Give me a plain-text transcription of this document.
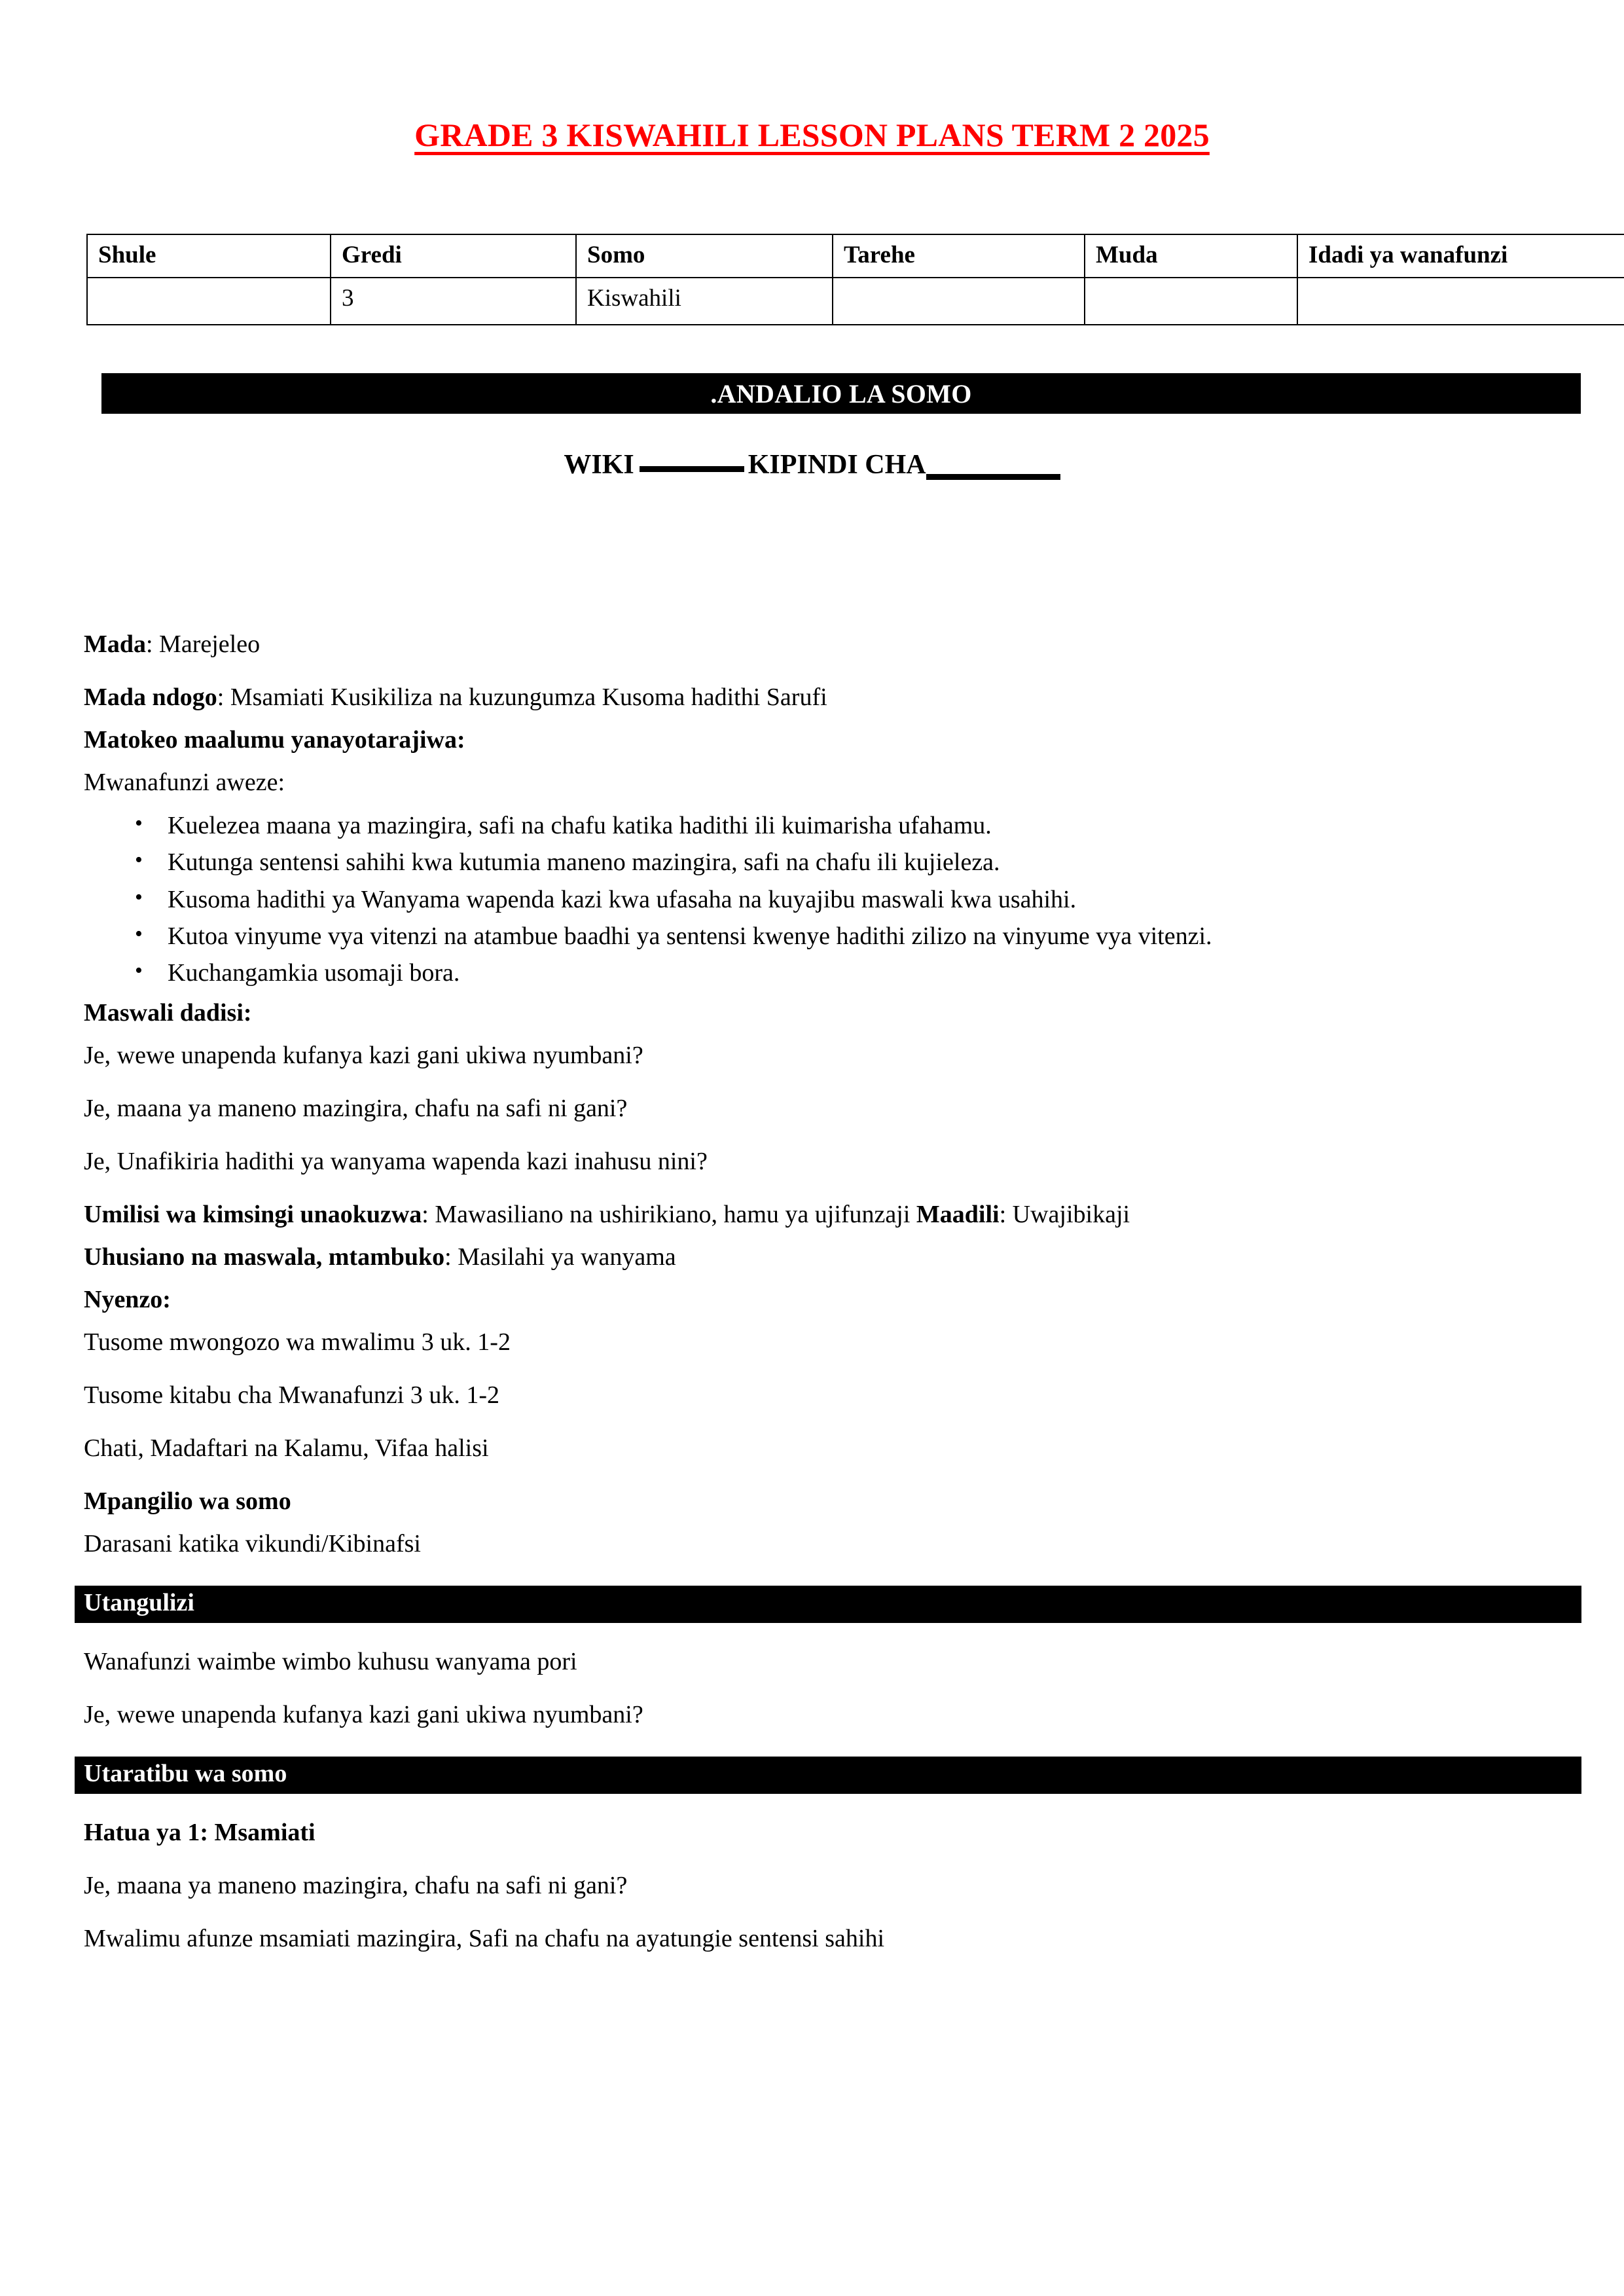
GRADE 3 KISWAHILI LESSON PLANS TERM 2 2025
Shule	Gredi	Somo	Tarehe	Muda	Idadi ya wanafunzi
	3	Kiswahili			
.ANDALIO LA SOMO
WIKI	KIPINDI CHA

Mada: Marejeleo

Mada ndogo: Msamiati Kusikiliza na kuzungumza Kusoma hadithi Sarufi

Matokeo maalumu yanayotarajiwa:

Mwanafunzi aweze:

• Kuelezea maana ya mazingira, safi na chafu katika hadithi ili kuimarisha ufahamu.
• Kutunga sentensi sahihi kwa kutumia maneno mazingira, safi na chafu ili kujieleza.
• Kusoma hadithi ya Wanyama wapenda kazi kwa ufasaha na kuyajibu maswali kwa usahihi.
• Kutoa vinyume vya vitenzi na atambue baadhi ya sentensi kwenye hadithi zilizo na vinyume vya vitenzi.
• Kuchangamkia usomaji bora.

Maswali dadisi:

Je, wewe unapenda kufanya kazi gani ukiwa nyumbani?

Je, maana ya maneno mazingira, chafu na safi ni gani?

Je, Unafikiria hadithi ya wanyama wapenda kazi inahusu nini?

Umilisi wa kimsingi unaokuzwa: Mawasiliano na ushirikiano, hamu ya ujifunzaji Maadili: Uwajibikaji

Uhusiano na maswala, mtambuko: Masilahi ya wanyama

Nyenzo:

Tusome mwongozo wa mwalimu 3 uk. 1-2

Tusome kitabu cha Mwanafunzi 3 uk. 1-2

Chati, Madaftari na Kalamu, Vifaa halisi

Mpangilio wa somo

Darasani katika vikundi/Kibinafsi

Utangulizi

Wanafunzi waimbe wimbo kuhusu wanyama pori

Je, wewe unapenda kufanya kazi gani ukiwa nyumbani?

Utaratibu wa somo

Hatua ya 1: Msamiati

Je, maana ya maneno mazingira, chafu na safi ni gani?

Mwalimu afunze msamiati mazingira, Safi na chafu na ayatungie sentensi sahihi
